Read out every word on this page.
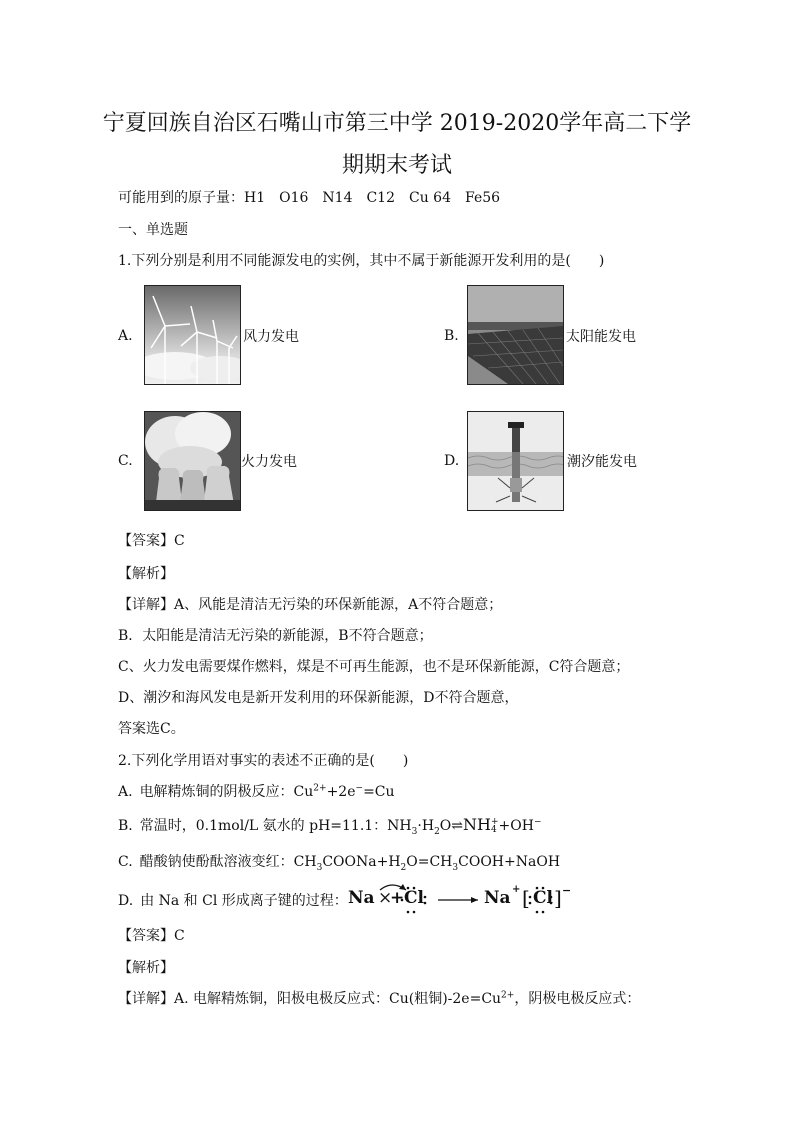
宁夏回族自治区石嘴山市第三中学 2019-2020学年高二下学
期期末考试
可能用到的原子量：H1　O16　N14　C12　Cu 64　Fe56
一、单选题
1.下列分别是利用不同能源发电的实例，其中不属于新能源开发利用的是(　　)
A.	风力发电	B.	太阳能发电
C.	火力发电	D.	潮汐能发电
【答案】C
【解析】
【详解】A、风能是清洁无污染的环保新能源，A不符合题意；
B．太阳能是清洁无污染的新能源，B不符合题意；
C、火力发电需要煤作燃料，煤是不可再生能源，也不是环保新能源，C符合题意；
D、潮汐和海风发电是新开发利用的环保新能源，D不符合题意，
答案选C。
2.下列化学用语对事实的表述不正确的是(　　)
A.  电解精炼铜的阴极反应：$Cu^{2+}+2e^-=Cu$
B.  常温时，0.1mol/L 氨水的 pH=11.1：$NH_3\cdot H_2O\rightleftharpoons NH+$
4 +OH−
C.  醋酸钠使酚酞溶液变红：$CH_3COONa+H_2O=CH_3COOH+NaOH$
D.  由 Na 和 Cl 形成离子键的过程： Na ×
+ Cl	Na + [ Cl ] −
【答案】C
【解析】
【详解】A. 电解精炼铜，阳极电极反应式：Cu(粗铜)$-2e=Cu^{2+}$，阴极电极反应式：
